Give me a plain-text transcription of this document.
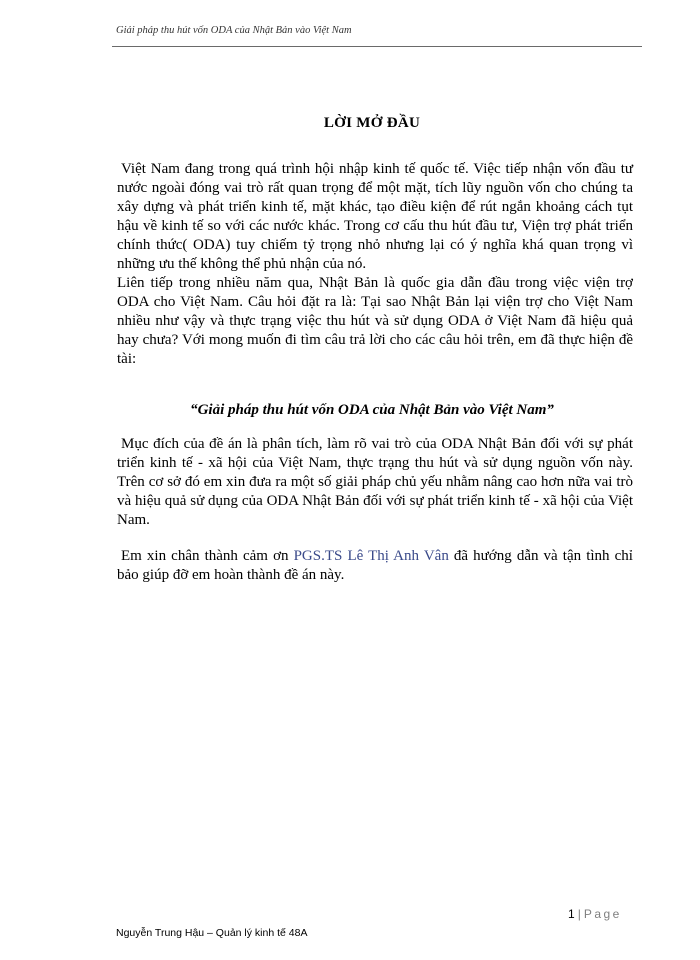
Giải pháp thu hút vốn ODA của Nhật Bản vào Việt Nam
LỜI MỞ ĐẦU

Việt Nam đang trong quá trình hội nhập kinh tế quốc tế. Việc tiếp nhận vốn đầu tư nước ngoài đóng vai trò rất quan trọng để một mặt, tích lũy nguồn vốn cho chúng ta xây dựng và phát triển kinh tế, mặt khác, tạo điều kiện để rút ngắn khoảng cách tụt hậu về kinh tế so với các nước khác. Trong cơ cấu thu hút đầu tư, Viện trợ phát triển chính thức( ODA) tuy chiếm tỷ trọng nhỏ nhưng lại có ý nghĩa khá quan trọng vì những ưu thế không thể phủ nhận của nó.

Liên tiếp trong nhiều năm qua, Nhật Bản là quốc gia dẫn đầu trong việc viện trợ ODA cho Việt Nam. Câu hỏi đặt ra là: Tại sao Nhật Bản lại viện trợ cho Việt Nam nhiều như vậy và thực trạng việc thu hút và sử dụng ODA ở Việt Nam đã hiệu quả hay chưa? Với mong muốn đi tìm câu trả lời cho các câu hỏi trên, em đã thực hiện đề tài:

“Giải pháp thu hút vốn ODA của Nhật Bản vào Việt Nam”

Mục đích của đề án là phân tích, làm rõ vai trò của ODA Nhật Bản đối với sự phát triển kinh tế - xã hội của Việt Nam, thực trạng thu hút và sử dụng nguồn vốn này. Trên cơ sở đó em xin đưa ra một số giải pháp chủ yếu nhằm nâng cao hơn nữa vai trò và hiệu quả sử dụng của ODA Nhật Bản đối với sự phát triển kinh tế - xã hội của Việt Nam.

Em xin chân thành cảm ơn PGS.TS Lê Thị Anh Vân đã hướng dẫn và tận tình chỉ bảo giúp đỡ em hoàn thành đề án này.

1 | Page
Nguyễn Trung Hậu – Quản lý kinh tế 48A
